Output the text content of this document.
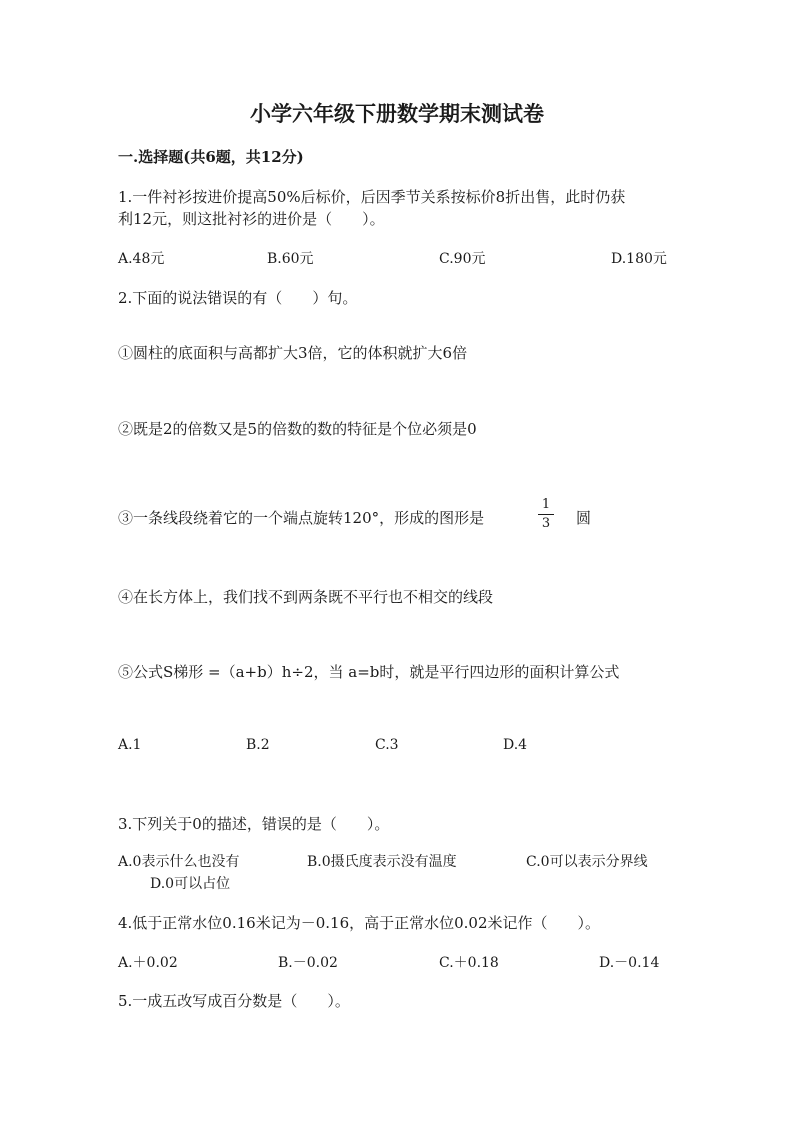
小学六年级下册数学期末测试卷
一.选择题(共6题，共12分)
1.一件衬衫按进价提高50%后标价，后因季节关系按标价8折出售，此时仍获
利12元，则这批衬衫的进价是（　　）。
A.48元	B.60元	C.90元	D.180元
2.下面的说法错误的有（　　）句。
①圆柱的底面积与高都扩大3倍，它的体积就扩大6倍
②既是2的倍数又是5的倍数的数的特征是个位必须是0
③一条线段绕着它的一个端点旋转120°，形成的图形是
1
3 圆
④在长方体上，我们找不到两条既不平行也不相交的线段
⑤公式S梯形 =（a+b）h÷2，当 a=b时，就是平行四边形的面积计算公式
A.1	B.2	C.3	D.4
3.下列关于0的描述，错误的是（　　）。
A.0表示什么也没有	B.0摄氏度表示没有温度	C.0可以表示分界线
D.0可以占位
4.低于正常水位0.16米记为－0.16，高于正常水位0.02米记作（　　）。
A.＋0.02	B.－0.02	C.＋0.18	D.－0.14
5.一成五改写成百分数是（　　）。
